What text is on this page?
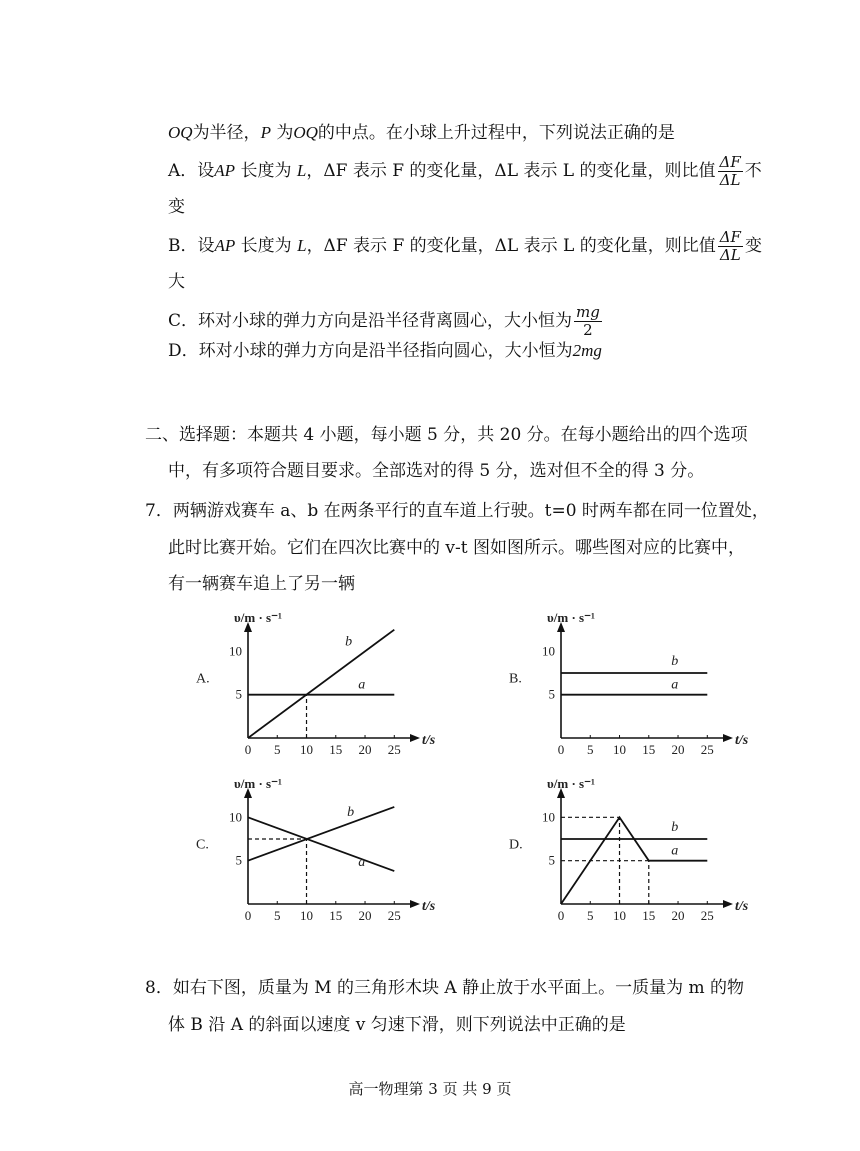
OQ为半径，P 为OQ的中点。在小球上升过程中，下列说法正确的是
A．设AP 长度为 L，ΔF 表示 F 的变化量，ΔL 表示 L 的变化量，则比值 $\frac{\Delta F}{\Delta L}$ 不
变
B．设AP 长度为 L，ΔF 表示 F 的变化量，ΔL 表示 L 的变化量，则比值 $\frac{\Delta F}{\Delta L}$ 变
大
C．环对小球的弹力方向是沿半径背离圆心，大小恒为 $\frac{mg}{2}$
D．环对小球的弹力方向是沿半径指向圆心，大小恒为2mg
二、选择题：本题共 4 小题，每小题 5 分，共 20 分。在每小题给出的四个选项
中，有多项符合题目要求。全部选对的得 5 分，选对但不全的得 3 分。
7．两辆游戏赛车 a、b 在两条平行的直车道上行驶。t=0 时两车都在同一位置处，
此时比赛开始。它们在四次比赛中的 v-t 图如图所示。哪些图对应的比赛中，
有一辆赛车追上了另一辆
A.
υ/m · s⁻¹
t/s
0 5 10 15 20 25
5
10
a
b
B.
υ/m · s⁻¹
t/s
0 5 10 15 20 25
5
10
a
b
C.
υ/m · s⁻¹
t/s
0 5 10 15 20 25
5
10
a
b
D.
υ/m · s⁻¹
t/s
0 5 10 15 20 25
5
10
b
a
8．如右下图，质量为 M 的三角形木块 A 静止放于水平面上。一质量为 m 的物
体 B 沿 A 的斜面以速度 v 匀速下滑，则下列说法中正确的是
高一物理第 3 页 共 9 页
